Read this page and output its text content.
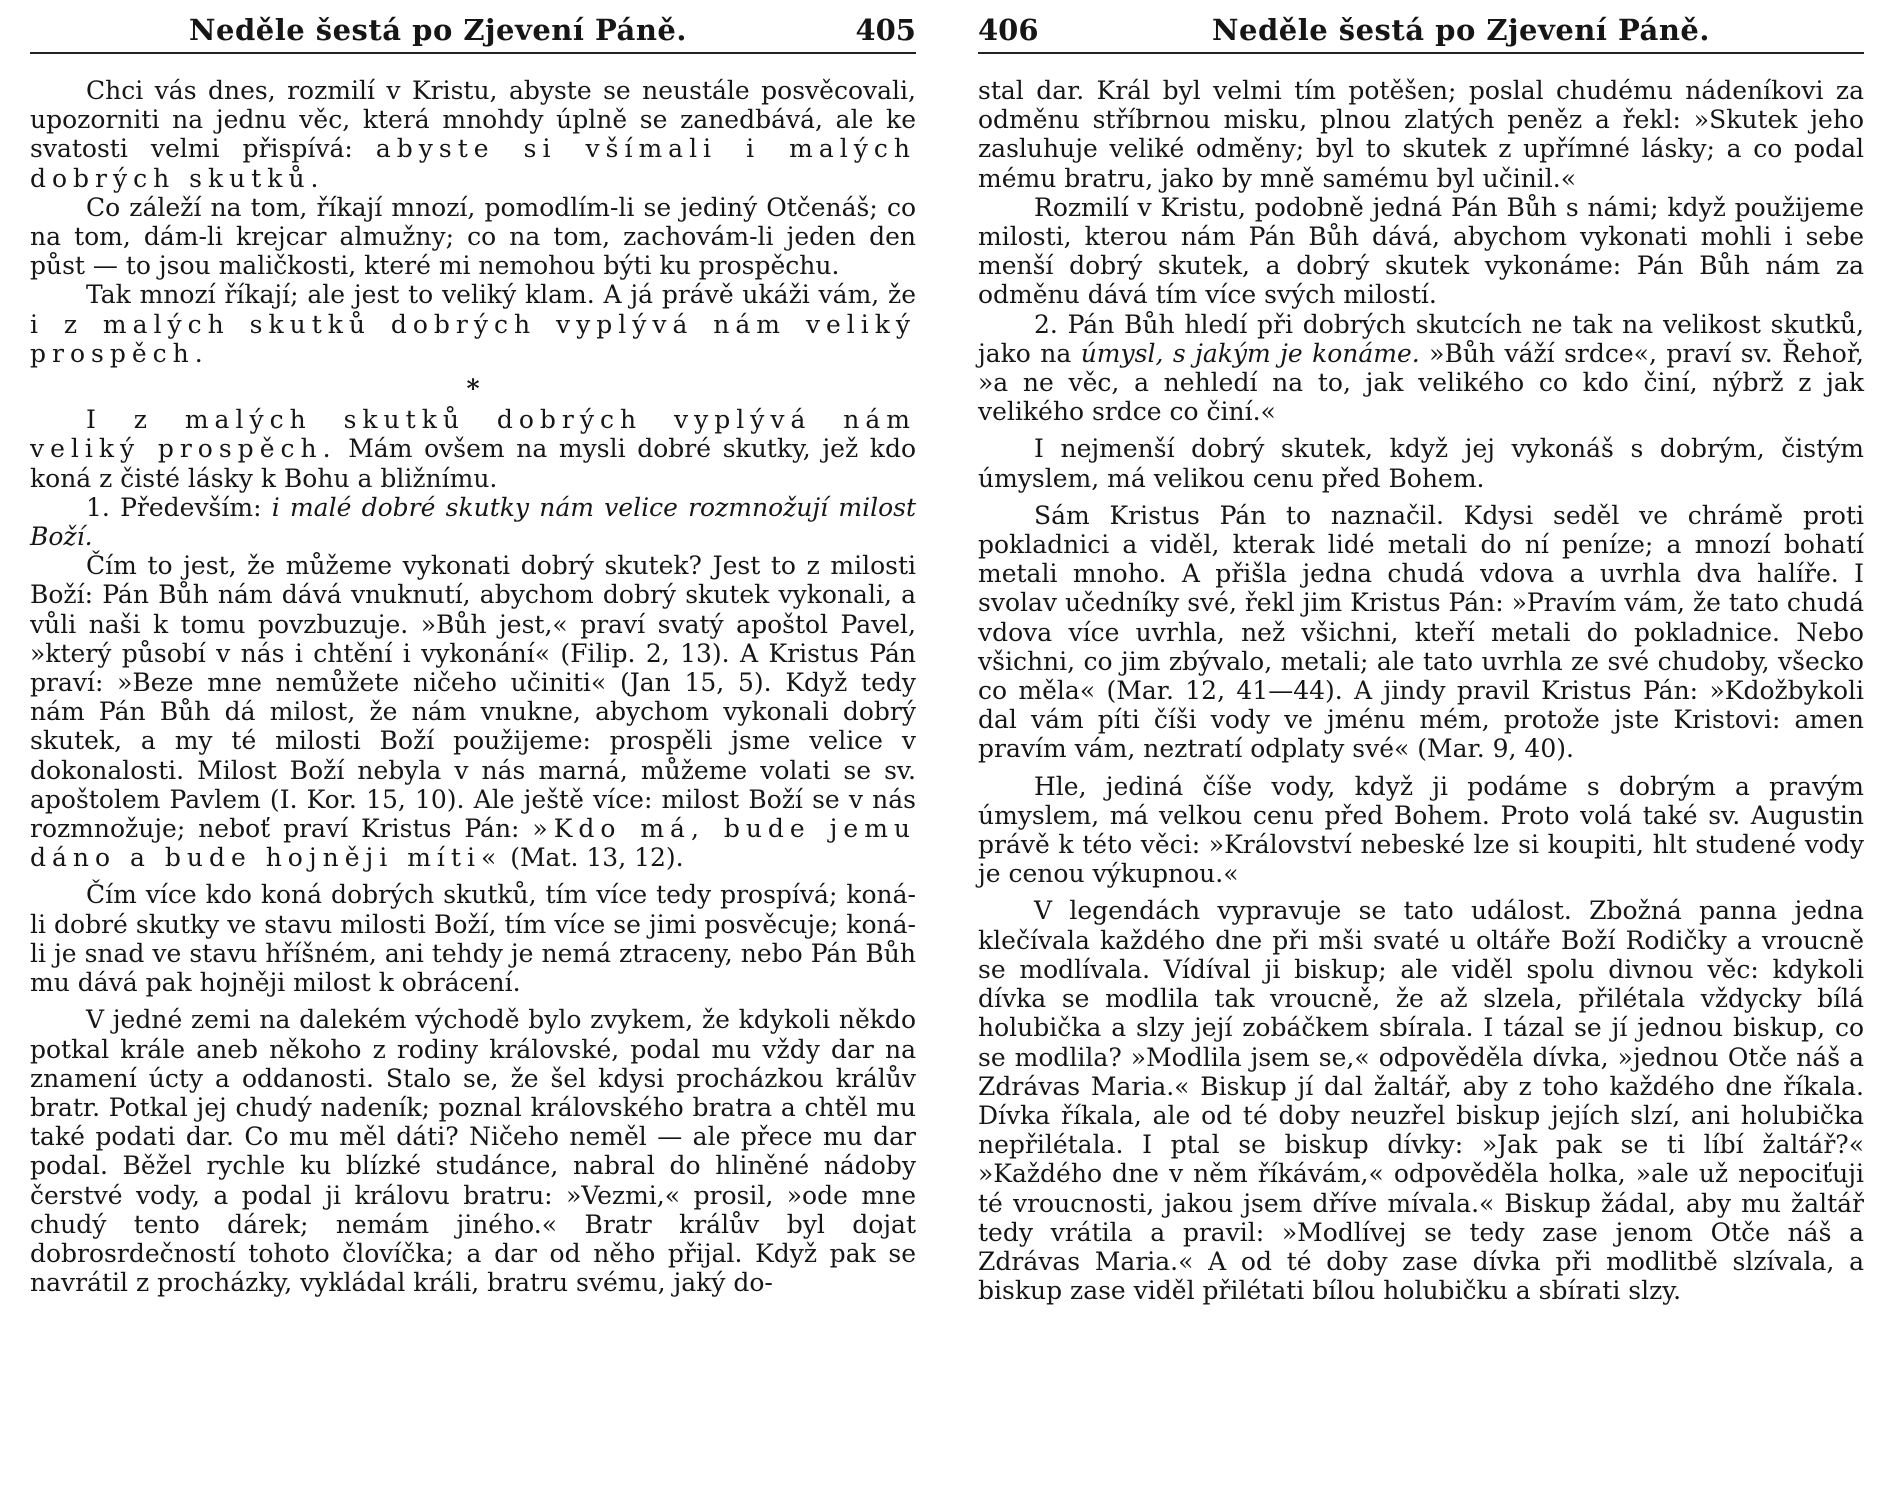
Neděle šestá po Zjevení Páně.	405

Chci vás dnes, rozmilí v Kristu, abyste se neustále posvěcovali, upozorniti na jednu věc, která mnohdy úplně se zanedbává, ale ke svatosti velmi přispívá: abyste si všímali i malých dobrých skutků.

Co záleží na tom, říkají mnozí, pomodlím-li se jediný Otčenáš; co na tom, dám-li krejcar almužny; co na tom, zachovám-li jeden den půst — to jsou maličkosti, které mi nemohou býti ku prospěchu.

Tak mnozí říkají; ale jest to veliký klam. A já právě ukáži vám, že i z malých skutků dobrých vyplývá nám veliký prospěch.

*

I z malých skutků dobrých vyplývá nám veliký prospěch. Mám ovšem na mysli dobré skutky, jež kdo koná z čisté lásky k Bohu a bližnímu.

1. Především: i malé dobré skutky nám velice rozmnožují milost Boží.

Čím to jest, že můžeme vykonati dobrý skutek? Jest to z milosti Boží: Pán Bůh nám dává vnuknutí, abychom dobrý skutek vykonali, a vůli naši k tomu povzbuzuje. »Bůh jest,« praví svatý apoštol Pavel, »který působí v nás i chtění i vykonání« (Filip. 2, 13). A Kristus Pán praví: »Beze mne nemůžete ničeho učiniti« (Jan 15, 5). Když tedy nám Pán Bůh dá milost, že nám vnukne, abychom vykonali dobrý skutek, a my té milosti Boží použijeme: prospěli jsme velice v dokonalosti. Milost Boží nebyla v nás marná, můžeme volati se sv. apoštolem Pavlem (I. Kor. 15, 10). Ale ještě více: milost Boží se v nás rozmnožuje; neboť praví Kristus Pán: »Kdo má, bude jemu dáno a bude hojněji míti« (Mat. 13, 12).

Čím více kdo koná dobrých skutků, tím více tedy prospívá; koná-li dobré skutky ve stavu milosti Boží, tím více se jimi posvěcuje; koná-li je snad ve stavu hříšném, ani tehdy je nemá ztraceny, nebo Pán Bůh mu dává pak hojněji milost k obrácení.

V jedné zemi na dalekém východě bylo zvykem, že kdykoli někdo potkal krále aneb někoho z rodiny královské, podal mu vždy dar na znamení úcty a oddanosti. Stalo se, že šel kdysi procházkou králův bratr. Potkal jej chudý nadeník; poznal královského bratra a chtěl mu také podati dar. Co mu měl dáti? Ničeho neměl — ale přece mu dar podal. Běžel rychle ku blízké studánce, nabral do hliněné nádoby čerstvé vody, a podal ji královu bratru: »Vezmi,« prosil, »ode mne chudý tento dárek; nemám jiného.« Bratr králův byl dojat dobrosrdečností tohoto človíčka; a dar od něho přijal. Když pak se navrátil z procházky, vykládal králi, bratru svému, jaký do-

406	Neděle šestá po Zjevení Páně.

stal dar. Král byl velmi tím potěšen; poslal chudému nádeníkovi za odměnu stříbrnou misku, plnou zlatých peněz a řekl: »Skutek jeho zasluhuje veliké odměny; byl to skutek z upřímné lásky; a co podal mému bratru, jako by mně samému byl učinil.«

Rozmilí v Kristu, podobně jedná Pán Bůh s námi; když použijeme milosti, kterou nám Pán Bůh dává, abychom vykonati mohli i sebe menší dobrý skutek, a dobrý skutek vykonáme: Pán Bůh nám za odměnu dává tím více svých milostí.

2. Pán Bůh hledí při dobrých skutcích ne tak na velikost skutků, jako na úmysl, s jakým je konáme. »Bůh váží srdce«, praví sv. Řehoř, »a ne věc, a nehledí na to, jak velikého co kdo činí, nýbrž z jak velikého srdce co činí.«

I nejmenší dobrý skutek, když jej vykonáš s dobrým, čistým úmyslem, má velikou cenu před Bohem.

Sám Kristus Pán to naznačil. Kdysi seděl ve chrámě proti pokladnici a viděl, kterak lidé metali do ní peníze; a mnozí bohatí metali mnoho. A přišla jedna chudá vdova a uvrhla dva halíře. I svolav učedníky své, řekl jim Kristus Pán: »Pravím vám, že tato chudá vdova více uvrhla, než všichni, kteří metali do pokladnice. Nebo všichni, co jim zbývalo, metali; ale tato uvrhla ze své chudoby, všecko co měla« (Mar. 12, 41—44). A jindy pravil Kristus Pán: »Kdožbykoli dal vám píti číši vody ve jménu mém, protože jste Kristovi: amen pravím vám, neztratí odplaty své« (Mar. 9, 40).

Hle, jediná číše vody, když ji podáme s dobrým a pravým úmyslem, má velkou cenu před Bohem. Proto volá také sv. Augustin právě k této věci: »Království nebeské lze si koupiti, hlt studené vody je cenou výkupnou.«

V legendách vypravuje se tato událost. Zbožná panna jedna klečívala každého dne při mši svaté u oltáře Boží Rodičky a vroucně se modlívala. Vídíval ji biskup; ale viděl spolu divnou věc: kdykoli dívka se modlila tak vroucně, že až slzela, přilétala vždycky bílá holubička a slzy její zobáčkem sbírala. I tázal se jí jednou biskup, co se modlila? »Modlila jsem se,« odpověděla dívka, »jednou Otče náš a Zdrávas Maria.« Biskup jí dal žaltář, aby z toho každého dne říkala. Dívka říkala, ale od té doby neuzřel biskup jejích slzí, ani holubička nepřilétala. I ptal se biskup dívky: »Jak pak se ti líbí žaltář?« »Každého dne v něm říkávám,« odpověděla holka, »ale už nepociťuji té vroucnosti, jakou jsem dříve mívala.« Biskup žádal, aby mu žaltář tedy vrátila a pravil: »Modlívej se tedy zase jenom Otče náš a Zdrávas Maria.« A od té doby zase dívka při modlitbě slzívala, a biskup zase viděl přilétati bílou holubičku a sbírati slzy.
